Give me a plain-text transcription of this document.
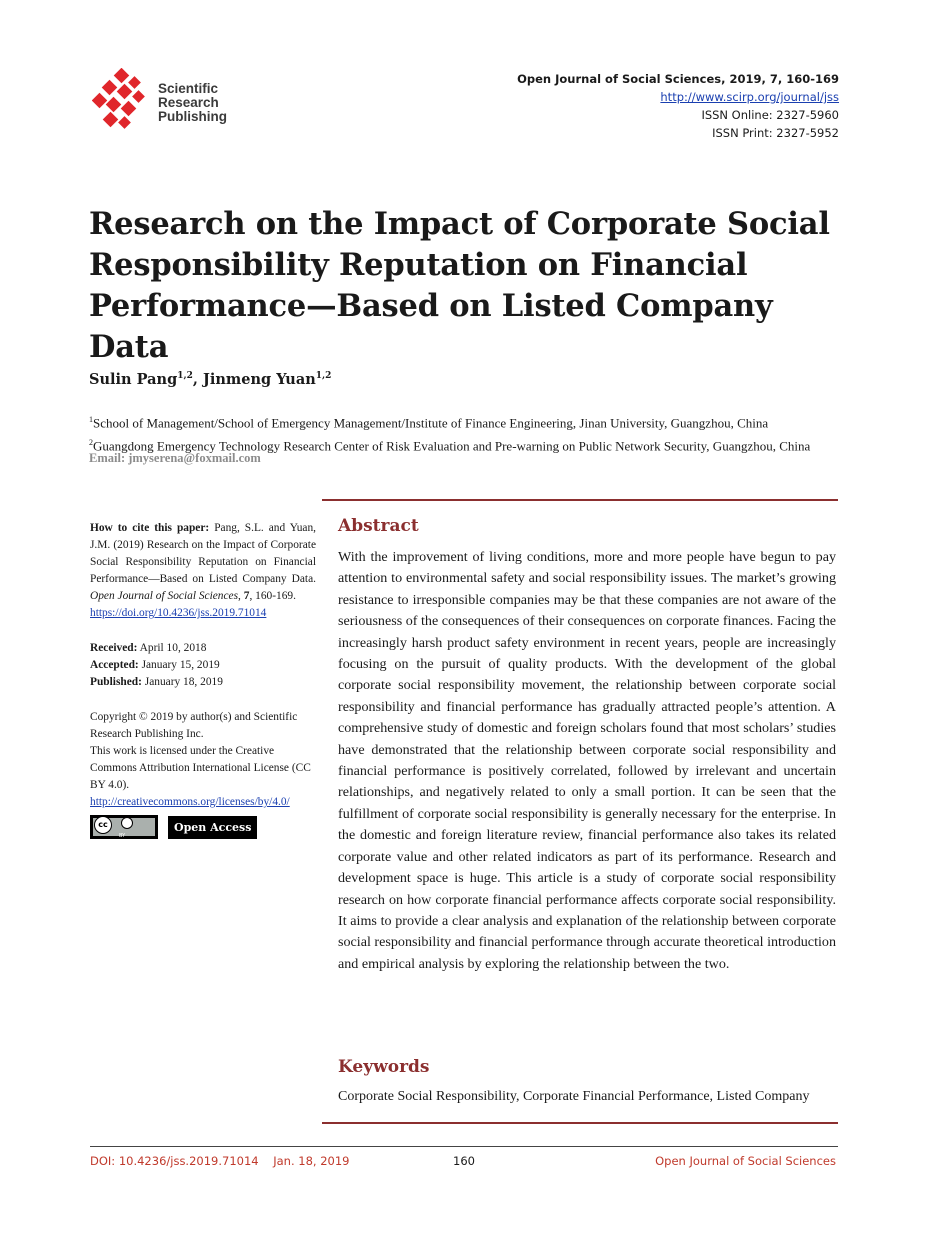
Scientific
Research
Publishing
Open Journal of Social Sciences, 2019, 7, 160-169
http://www.scirp.org/journal/jss
ISSN Online: 2327-5960
ISSN Print: 2327-5952
Research on the Impact of Corporate Social
Responsibility Reputation on Financial
Performance—Based on Listed Company Data
Sulin Pang$^{1,2}$, Jinmeng Yuan$^{1,2}$
$^1$School of Management/School of Emergency Management/Institute of Finance Engineering, Jinan University, Guangzhou, China
$^2$Guangdong Emergency Technology Research Center of Risk Evaluation and Pre-warning on Public Network Security, Guangzhou, China
Email: jmyserena@foxmail.com
How to cite this paper: Pang, S.L. and Yuan, J.M. (2019) Research on the Impact of Corporate Social Responsibility Reputation on Financial Performance—Based on Listed Company Data. Open Journal of Social Sciences, 7, 160-169.
https://doi.org/10.4236/jss.2019.71014

Received: April 10, 2018

Accepted: January 15, 2019

Published: January 18, 2019

Copyright © 2019 by author(s) and Scientific Research Publishing Inc.

This work is licensed under the Creative Commons Attribution International License (CC BY 4.0).

http://creativecommons.org/licenses/by/4.0/

cc
BY
Open Access
Abstract

With the improvement of living conditions, more and more people have begun to pay attention to environmental safety and social responsibility issues. The market’s growing resistance to irresponsible companies may be that these companies are not aware of the seriousness of the consequences of their consequences on corporate finances. Facing the increasingly harsh product safety environment in recent years, people are increasingly focusing on the pursuit of quality products. With the development of the global corporate social responsibility movement, the relationship between corporate social responsibility and financial performance has gradually attracted people’s attention. A comprehensive study of domestic and foreign scholars found that most scholars’ studies have demonstrated that the relationship between corporate social responsibility and financial performance is positively correlated, followed by irrelevant and uncertain relationships, and negatively related to only a small portion. It can be seen that the fulfillment of corporate social responsibility is generally necessary for the enterprise. In the domestic and foreign literature review, financial performance also takes its related corporate value and other related indicators as part of its performance. Research and development space is huge. This article is a study of corporate social responsibility research on how corporate financial performance affects corporate social responsibility. It aims to provide a clear analysis and explanation of the relationship between corporate social responsibility and financial performance through accurate theoretical introduction and empirical analysis by exploring the relationship between the two.

Keywords
Corporate Social Responsibility, Corporate Financial Performance, Listed Company
DOI: 10.4236/jss.2019.71014    Jan. 18, 2019	160	Open Journal of Social Sciences
